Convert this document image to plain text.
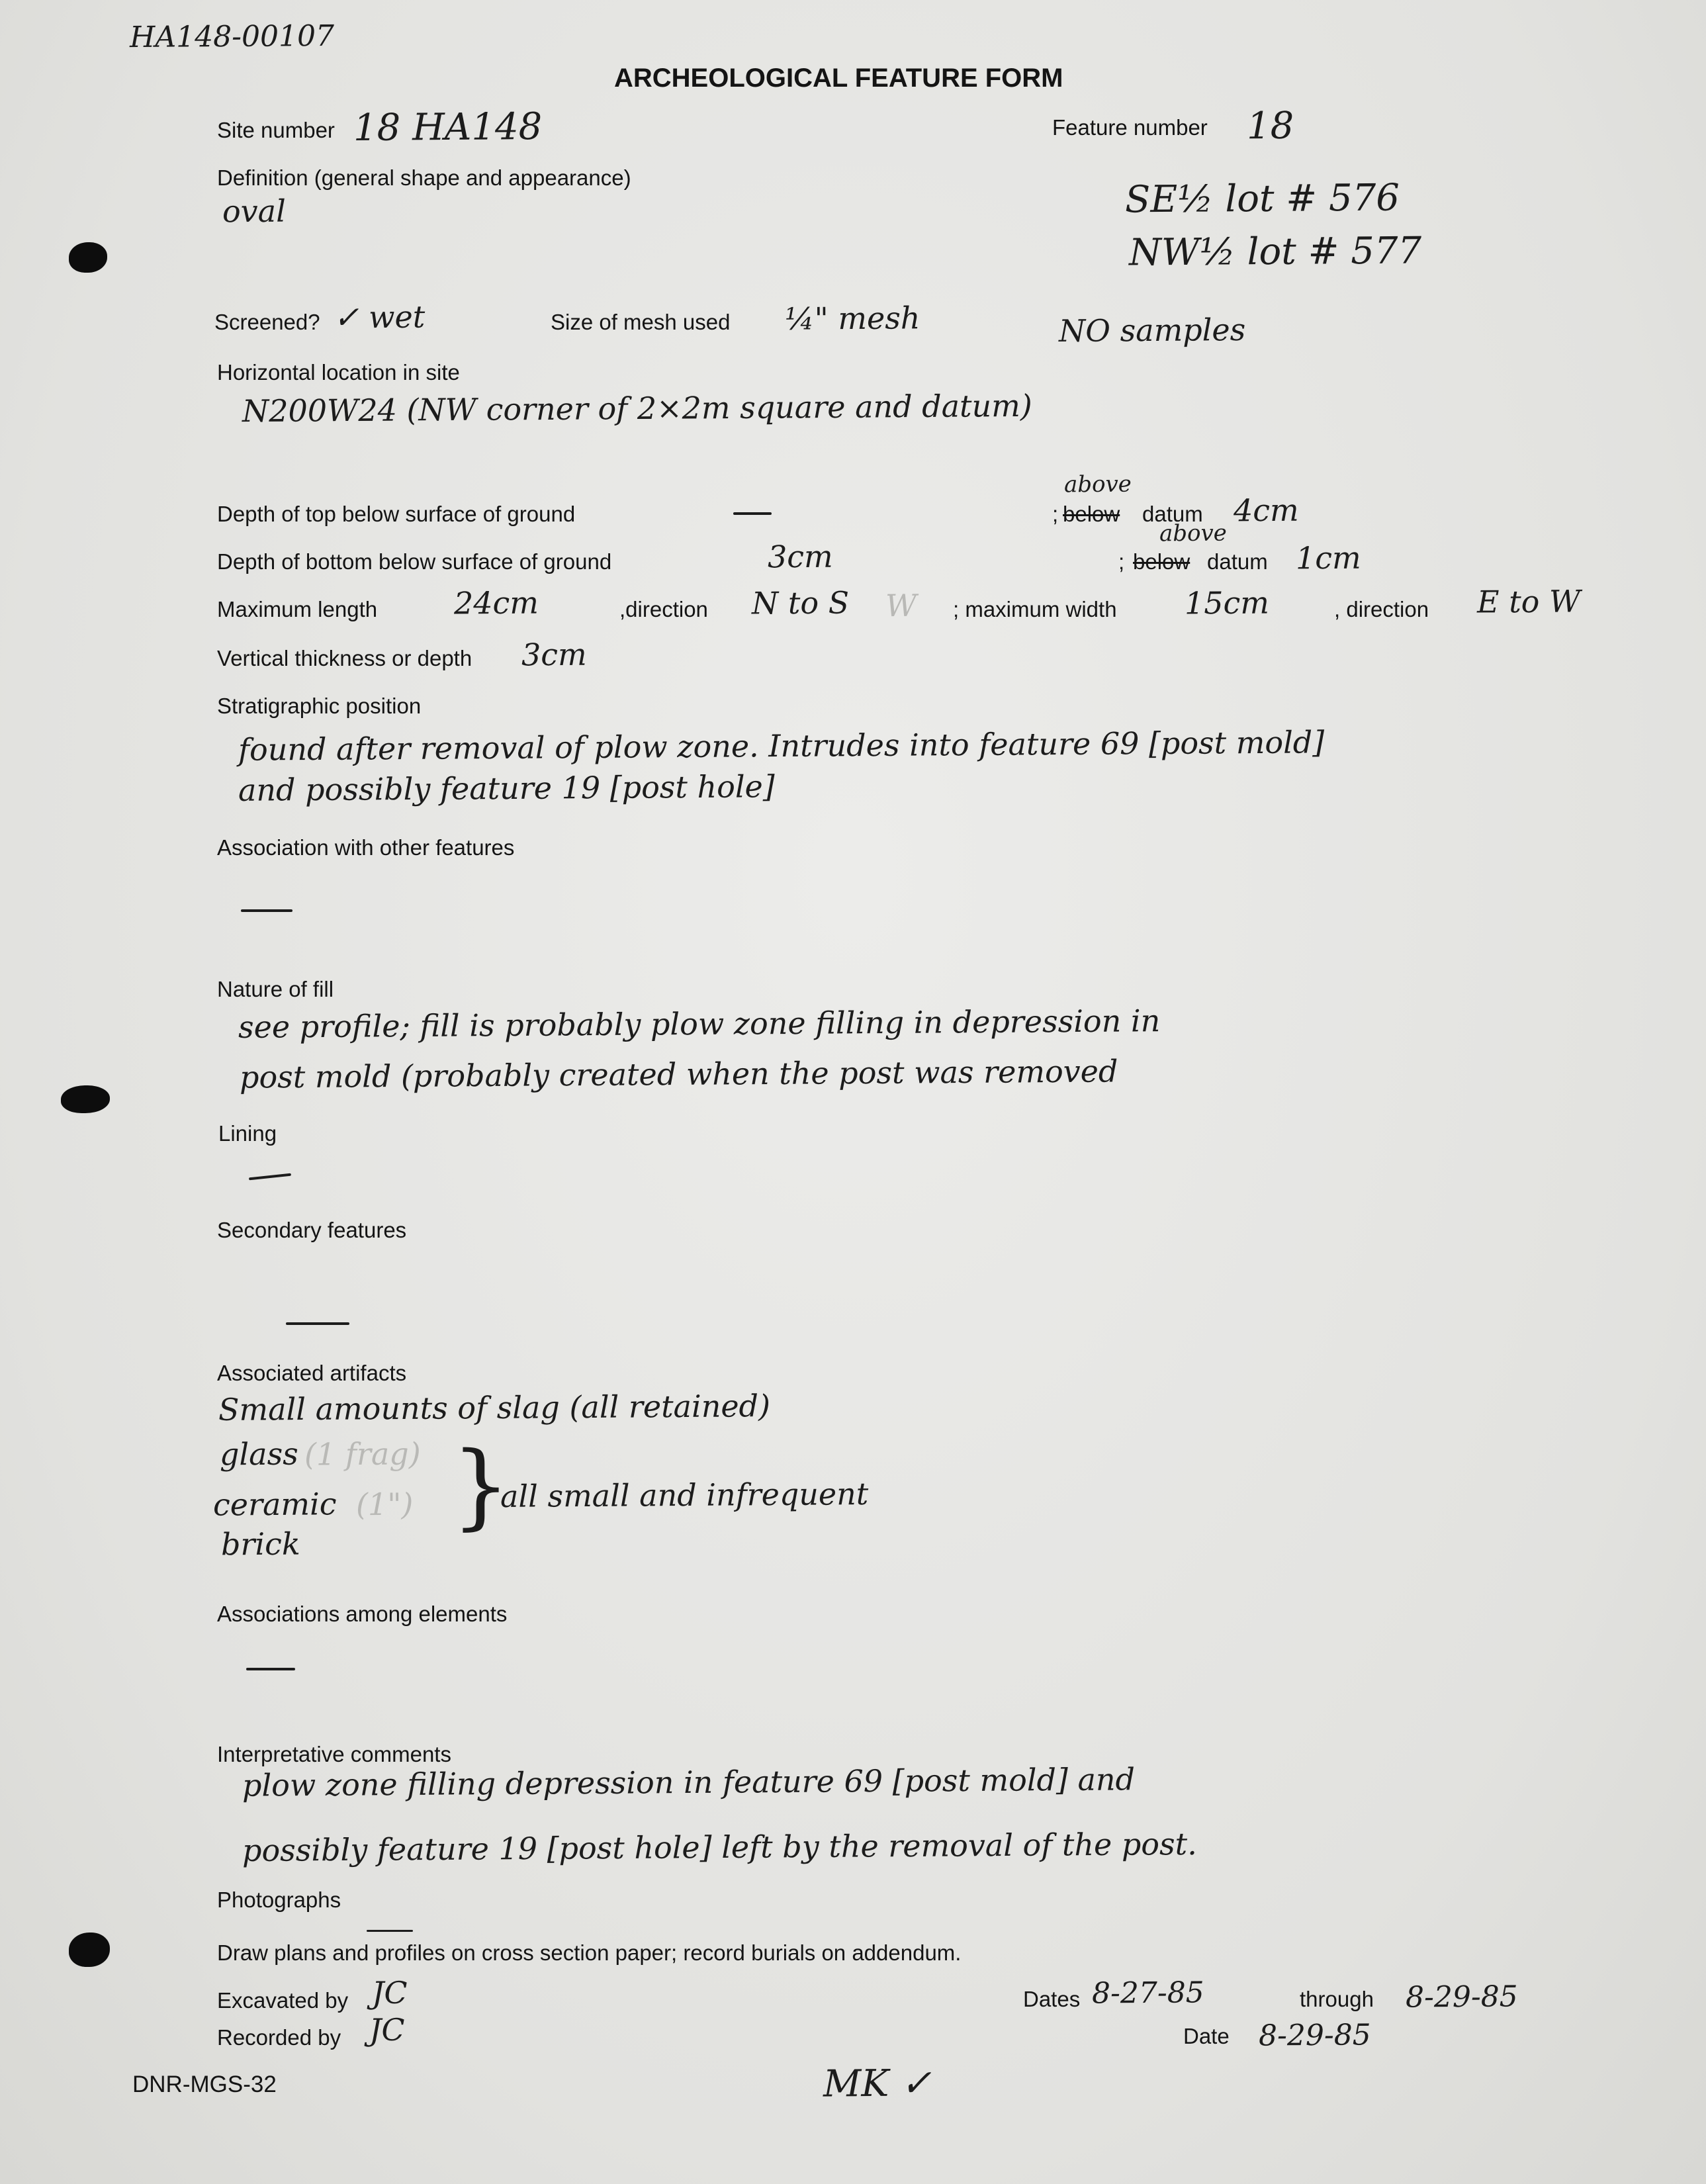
HA148-00107
ARCHEOLOGICAL FEATURE FORM
Site number 18 HA148	Feature number 18
Definition (general shape and appearance)
oval	SE½ lot # 576
NW½ lot # 577
Screened? ✓ wet	Size of mesh used ¼" mesh	NO samples
Horizontal location in site
N200W24 (NW corner of 2×2m square and datum)
Depth of top below surface of ground
above
; below datum 4cm
Depth of bottom below surface of ground	3cm
above
; below datum 1cm
Maximum length	24cm	,direction N to S W ; maximum width 15cm	, direction E to W
Vertical thickness or depth 3cm
Stratigraphic position
found after removal of plow zone. Intrudes into feature 69 [post mold]
and possibly feature 19 [post hole]
Association with other features
Nature of fill
see profile; fill is probably plow zone filling in depression in
post mold (probably created when the post was removed
Lining
Secondary features
Associated artifacts
Small amounts of slag (all retained)
glass (1 frag)
ceramic (1")
brick
}
all small and infrequent
Associations among elements
Interpretative comments
plow zone filling depression in feature 69 [post mold] and
possibly feature 19 [post hole] left by the removal of the post.
Photographs
Draw plans and profiles on cross section paper; record burials on addendum.
Excavated by JC
Recorded by JC
Dates 8-27-85	through 8-29-85
Date 8-29-85
DNR-MGS-32	MK ✓
